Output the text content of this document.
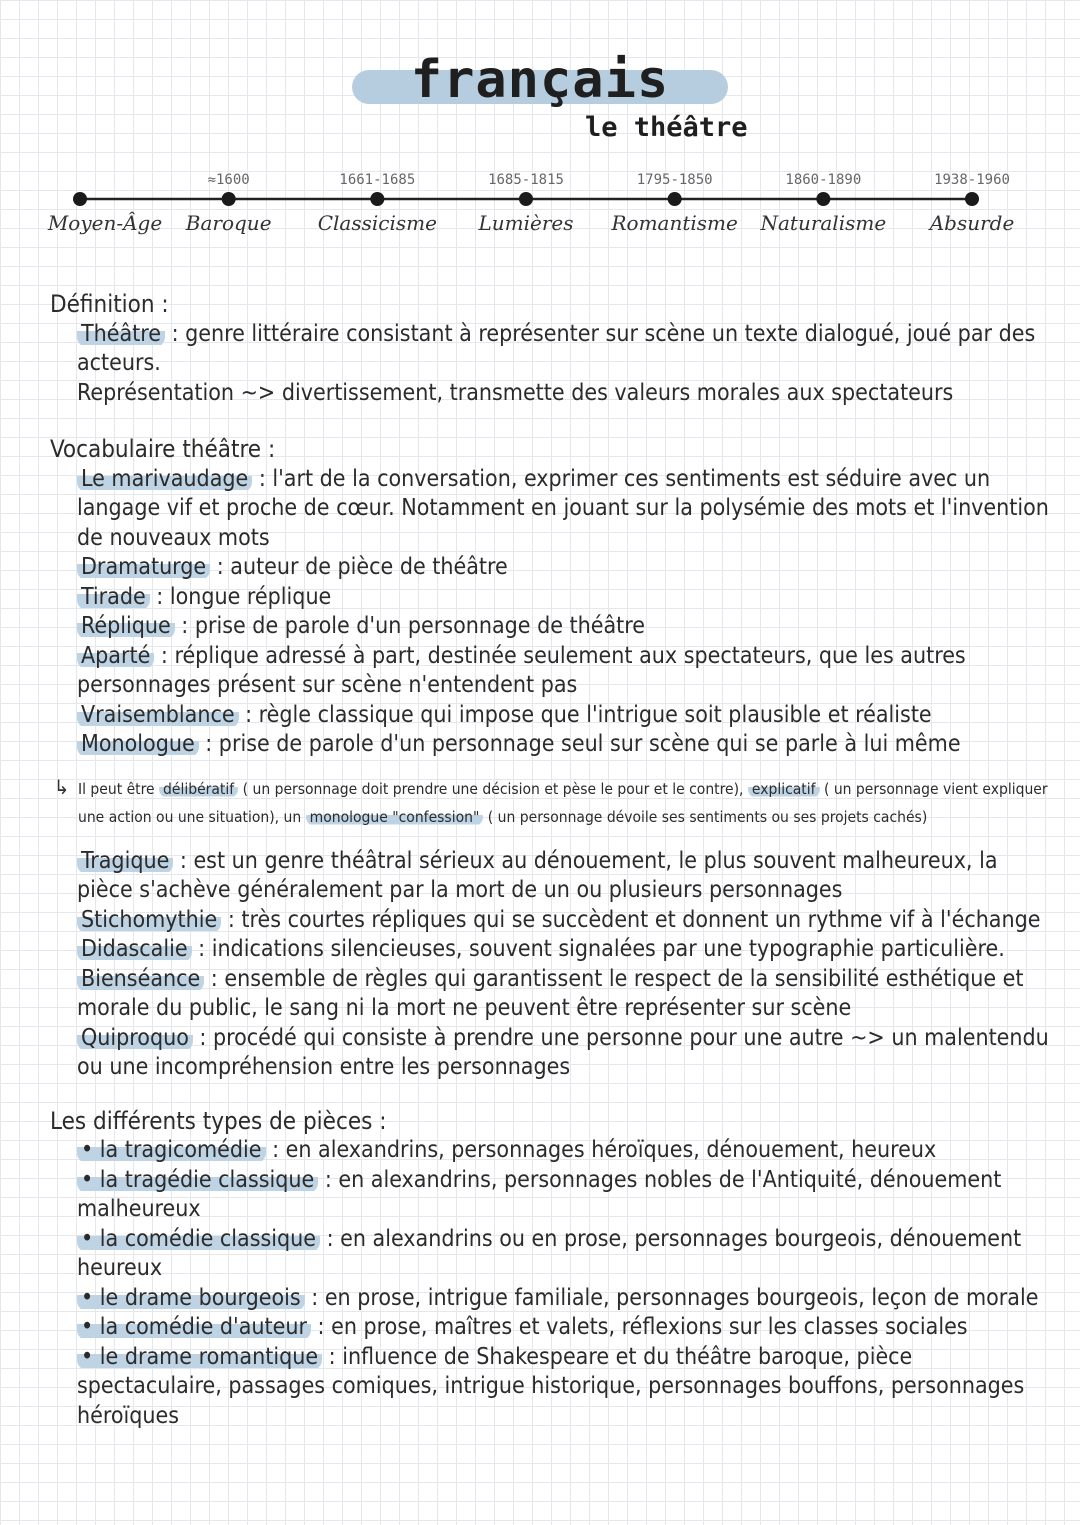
français
le théâtre
Moyen-Âge
≈1600
Baroque
1661-1685
Classicisme
1685-1815
Lumières
1795-1850
Romantisme
1860-1890
Naturalisme
1938-1960
Absurde
Définition :

Théâtre : genre littéraire consistant à représenter sur scène un texte dialogué, joué par des acteurs.

Représentation ~> divertissement, transmette des valeurs morales aux spectateurs

Vocabulaire théâtre :

Le marivaudage : l'art de la conversation, exprimer ces sentiments est séduire avec un langage vif et proche de cœur. Notamment en jouant sur la polysémie des mots et l'invention de nouveaux mots

Dramaturge : auteur de pièce de théâtre

Tirade : longue réplique

Réplique : prise de parole d'un personnage de théâtre

Aparté : réplique adressé à part, destinée seulement aux spectateurs, que les autres personnages présent sur scène n'entendent pas

Vraisemblance : règle classique qui impose que l'intrigue soit plausible et réaliste

Monologue : prise de parole d'un personnage seul sur scène qui se parle à lui même

↳ Il peut être délibératif ( un personnage doit prendre une décision et pèse le pour et le contre), explicatif ( un personnage vient expliquer une action ou une situation), un monologue "confession" ( un personnage dévoile ses sentiments ou ses projets cachés)

Tragique : est un genre théâtral sérieux au dénouement, le plus souvent malheureux, la pièce s'achève généralement par la mort de un ou plusieurs personnages

Stichomythie : très courtes répliques qui se succèdent et donnent un rythme vif à l'échange

Didascalie : indications silencieuses, souvent signalées par une typographie particulière.

Bienséance : ensemble de règles qui garantissent le respect de la sensibilité esthétique et morale du public, le sang ni la mort ne peuvent être représenter sur scène

Quiproquo : procédé qui consiste à prendre une personne pour une autre ~> un malentendu ou une incompréhension entre les personnages

Les différents types de pièces :

• la tragicomédie : en alexandrins, personnages héroïques, dénouement, heureux

• la tragédie classique : en alexandrins, personnages nobles de l'Antiquité, dénouement malheureux

• la comédie classique : en alexandrins ou en prose, personnages bourgeois, dénouement heureux

• le drame bourgeois : en prose, intrigue familiale, personnages bourgeois, leçon de morale

• la comédie d'auteur : en prose, maîtres et valets, réflexions sur les classes sociales

• le drame romantique : influence de Shakespeare et du théâtre baroque, pièce spectaculaire, passages comiques, intrigue historique, personnages bouffons, personnages héroïques
